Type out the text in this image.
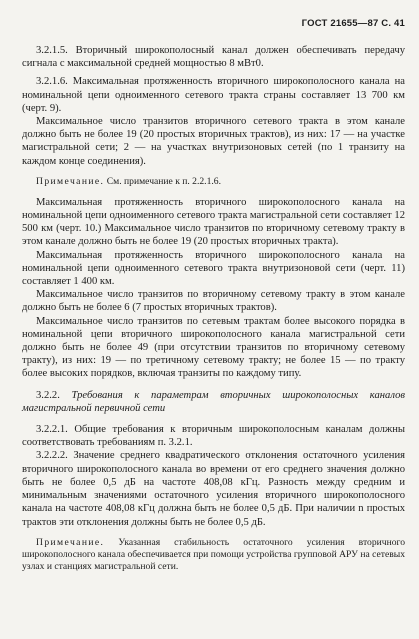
ГОСТ 21655—87 С. 41

3.2.1.5. Вторичный широкополосный канал должен обеспечивать передачу сигнала с максимальной средней мощностью 8 мВт0.

3.2.1.6. Максимальная протяженность вторичного широкополосного канала на номинальной цепи одноименного сетевого тракта страны составляет 13 700 км (черт. 9).

Максимальное число транзитов вторичного сетевого тракта в этом канале должно быть не более 19 (20 простых вторичных трактов), из них: 17 — на участке магистральной сети; 2 — на участках внутризоновых сетей (по 1 транзиту на каждом конце соединения).

Примечание. См. примечание к п. 2.2.1.6.

Максимальная протяженность вторичного широкополосного канала на номинальной цепи одноименного сетевого тракта магистральной сети составляет 12 500 км (черт. 10.) Максимальное число транзитов по вторичному сетевому тракту в этом канале должно быть не более 19 (20 простых вторичных тракта).

Максимальная протяженность вторичного широкополосного канала на номинальной цепи одноименного сетевого тракта внутризоновой сети (черт. 11) составляет 1 400 км.

Максимальное число транзитов по вторичному сетевому тракту в этом канале должно быть не более 6 (7 простых вторичных трактов).

Максимальное число транзитов по сетевым трактам более высокого порядка в номинальной цепи вторичного широкополосного канала магистральной сети должно быть не более 49 (при отсутствии транзитов по вторичному сетевому тракту), из них: 19 — по третичному сетевому тракту; не более 15 — по тракту более высоких порядков, включая транзиты по каждому типу.

3.2.2. Требования к параметрам вторичных широкополосных каналов магистральной первичной сети

3.2.2.1. Общие требования к вторичным широкополосным каналам должны соответствовать требованиям п. 3.2.1.

3.2.2.2. Значение среднего квадратического отклонения остаточного усиления вторичного широкополосного канала во времени от его среднего значения должно быть не более 0,5 дБ на частоте 408,08 кГц. Разность между средним и минимальным значениями остаточного усиления вторичного широкополосного канала на частоте 408,08 кГц должна быть не более 0,5 дБ. При наличии n простых трактов эти отклонения должны быть не более 0,5 дБ.

Примечание. Указанная стабильность остаточного усиления вторичного широкополосного канала обеспечивается при помощи устройства групповой АРУ на сетевых узлах и станциях магистральной сети.
